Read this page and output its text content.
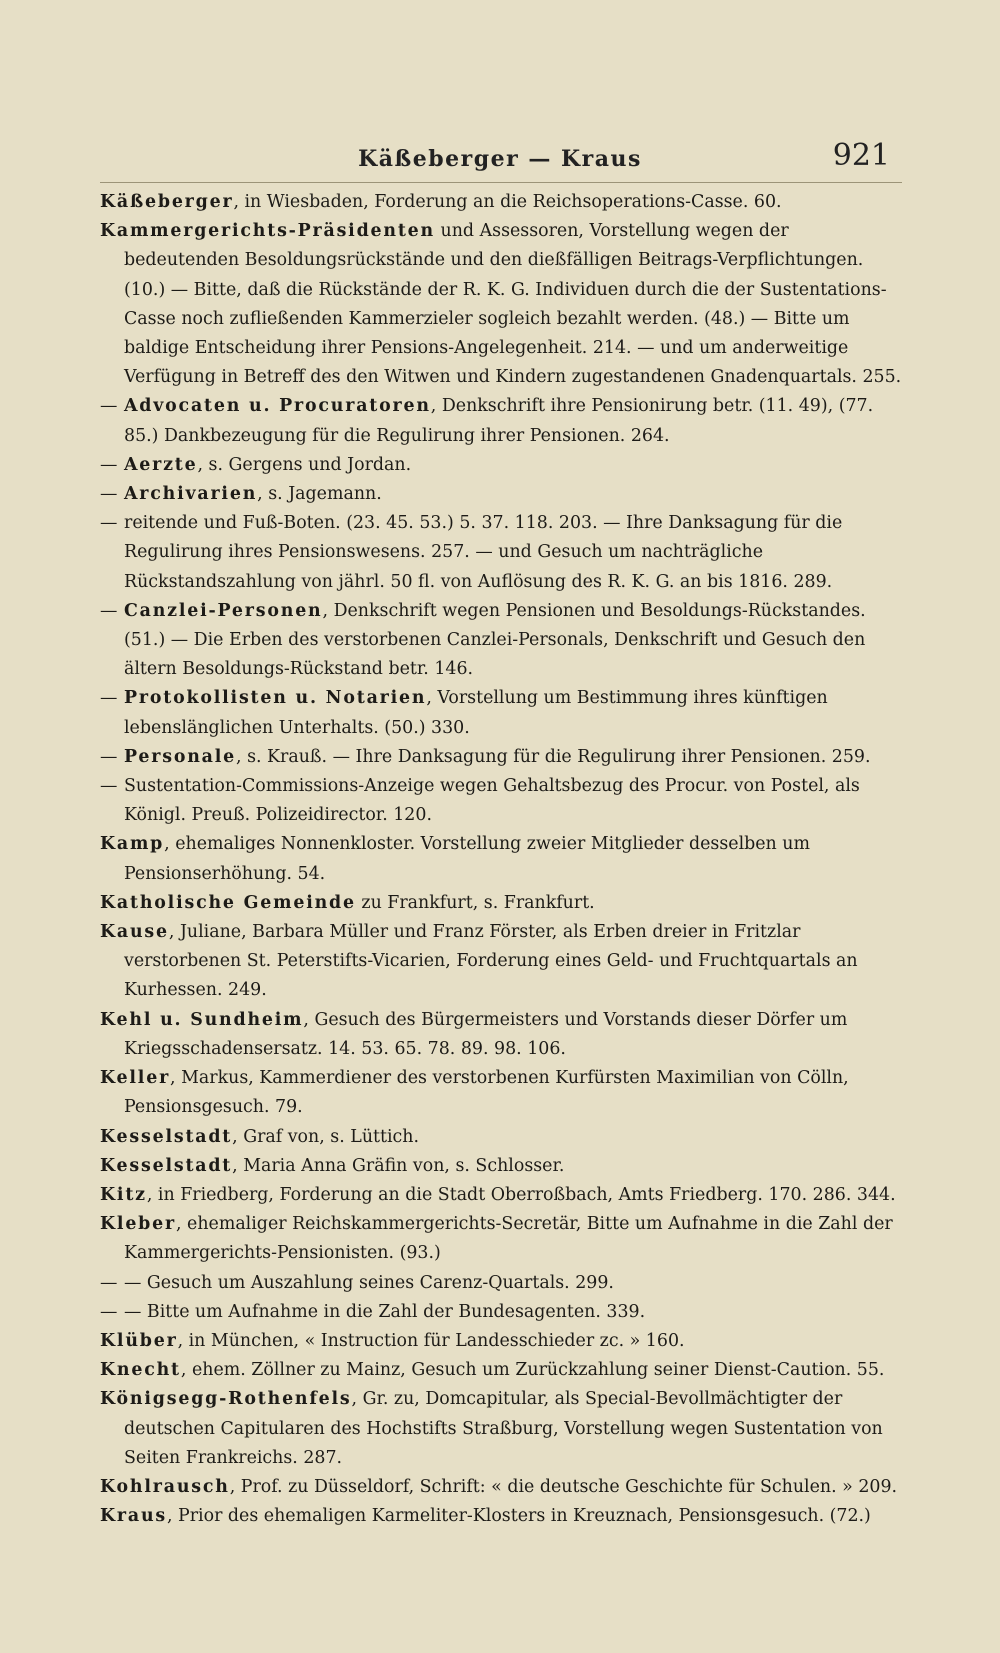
Käßeberger — Kraus	921

Käßeberger, in Wiesbaden, Forderung an die Reichsoperations-Casse. 60.

Kammergerichts-Präsidenten und Assessoren, Vorstellung wegen der bedeutenden Besoldungsrückstände und den dießfälligen Beitrags-Verpflichtungen. (10.) — Bitte, daß die Rückstände der R. K. G. Individuen durch die der Sustentations-Casse noch zufließenden Kammerzieler sogleich bezahlt werden. (48.) — Bitte um baldige Entscheidung ihrer Pensions-Angelegenheit. 214. — und um anderweitige Verfügung in Betreff des den Witwen und Kindern zugestandenen Gnadenquartals. 255.

— Advocaten u. Procuratoren, Denkschrift ihre Pensionirung betr. (11. 49), (77. 85.) Dankbezeugung für die Regulirung ihrer Pensionen. 264.

— Aerzte, s. Gergens und Jordan.

— Archivarien, s. Jagemann.

— reitende und Fuß-Boten. (23. 45. 53.) 5. 37. 118. 203. — Ihre Danksagung für die Regulirung ihres Pensionswesens. 257. — und Gesuch um nachträgliche Rückstandszahlung von jährl. 50 fl. von Auflösung des R. K. G. an bis 1816. 289.

— Canzlei-Personen, Denkschrift wegen Pensionen und Besoldungs-Rückstandes. (51.) — Die Erben des verstorbenen Canzlei-Personals, Denkschrift und Gesuch den ältern Besoldungs-Rückstand betr. 146.

— Protokollisten u. Notarien, Vorstellung um Bestimmung ihres künftigen lebenslänglichen Unterhalts. (50.) 330.

— Personale, s. Krauß. — Ihre Danksagung für die Regulirung ihrer Pensionen. 259.

— Sustentation-Commissions-Anzeige wegen Gehaltsbezug des Procur. von Postel, als Königl. Preuß. Polizeidirector. 120.

Kamp, ehemaliges Nonnenkloster. Vorstellung zweier Mitglieder desselben um Pensionserhöhung. 54.

Katholische Gemeinde zu Frankfurt, s. Frankfurt.

Kause, Juliane, Barbara Müller und Franz Förster, als Erben dreier in Fritzlar verstorbenen St. Peterstifts-Vicarien, Forderung eines Geld- und Fruchtquartals an Kurhessen. 249.

Kehl u. Sundheim, Gesuch des Bürgermeisters und Vorstands dieser Dörfer um Kriegsschadensersatz. 14. 53. 65. 78. 89. 98. 106.

Keller, Markus, Kammerdiener des verstorbenen Kurfürsten Maximilian von Cölln, Pensionsgesuch. 79.

Kesselstadt, Graf von, s. Lüttich.

Kesselstadt, Maria Anna Gräfin von, s. Schlosser.

Kitz, in Friedberg, Forderung an die Stadt Oberroßbach, Amts Friedberg. 170. 286. 344.

Kleber, ehemaliger Reichskammergerichts-Secretär, Bitte um Aufnahme in die Zahl der Kammergerichts-Pensionisten. (93.)

— — Gesuch um Auszahlung seines Carenz-Quartals. 299.

— — Bitte um Aufnahme in die Zahl der Bundesagenten. 339.

Klüber, in München, « Instruction für Landesschieder zc. » 160.

Knecht, ehem. Zöllner zu Mainz, Gesuch um Zurückzahlung seiner Dienst-Caution. 55.

Königsegg-Rothenfels, Gr. zu, Domcapitular, als Special-Bevollmächtigter der deutschen Capitularen des Hochstifts Straßburg, Vorstellung wegen Sustentation von Seiten Frankreichs. 287.

Kohlrausch, Prof. zu Düsseldorf, Schrift: « die deutsche Geschichte für Schulen. » 209.

Kraus, Prior des ehemaligen Karmeliter-Klosters in Kreuznach, Pensionsgesuch. (72.)
